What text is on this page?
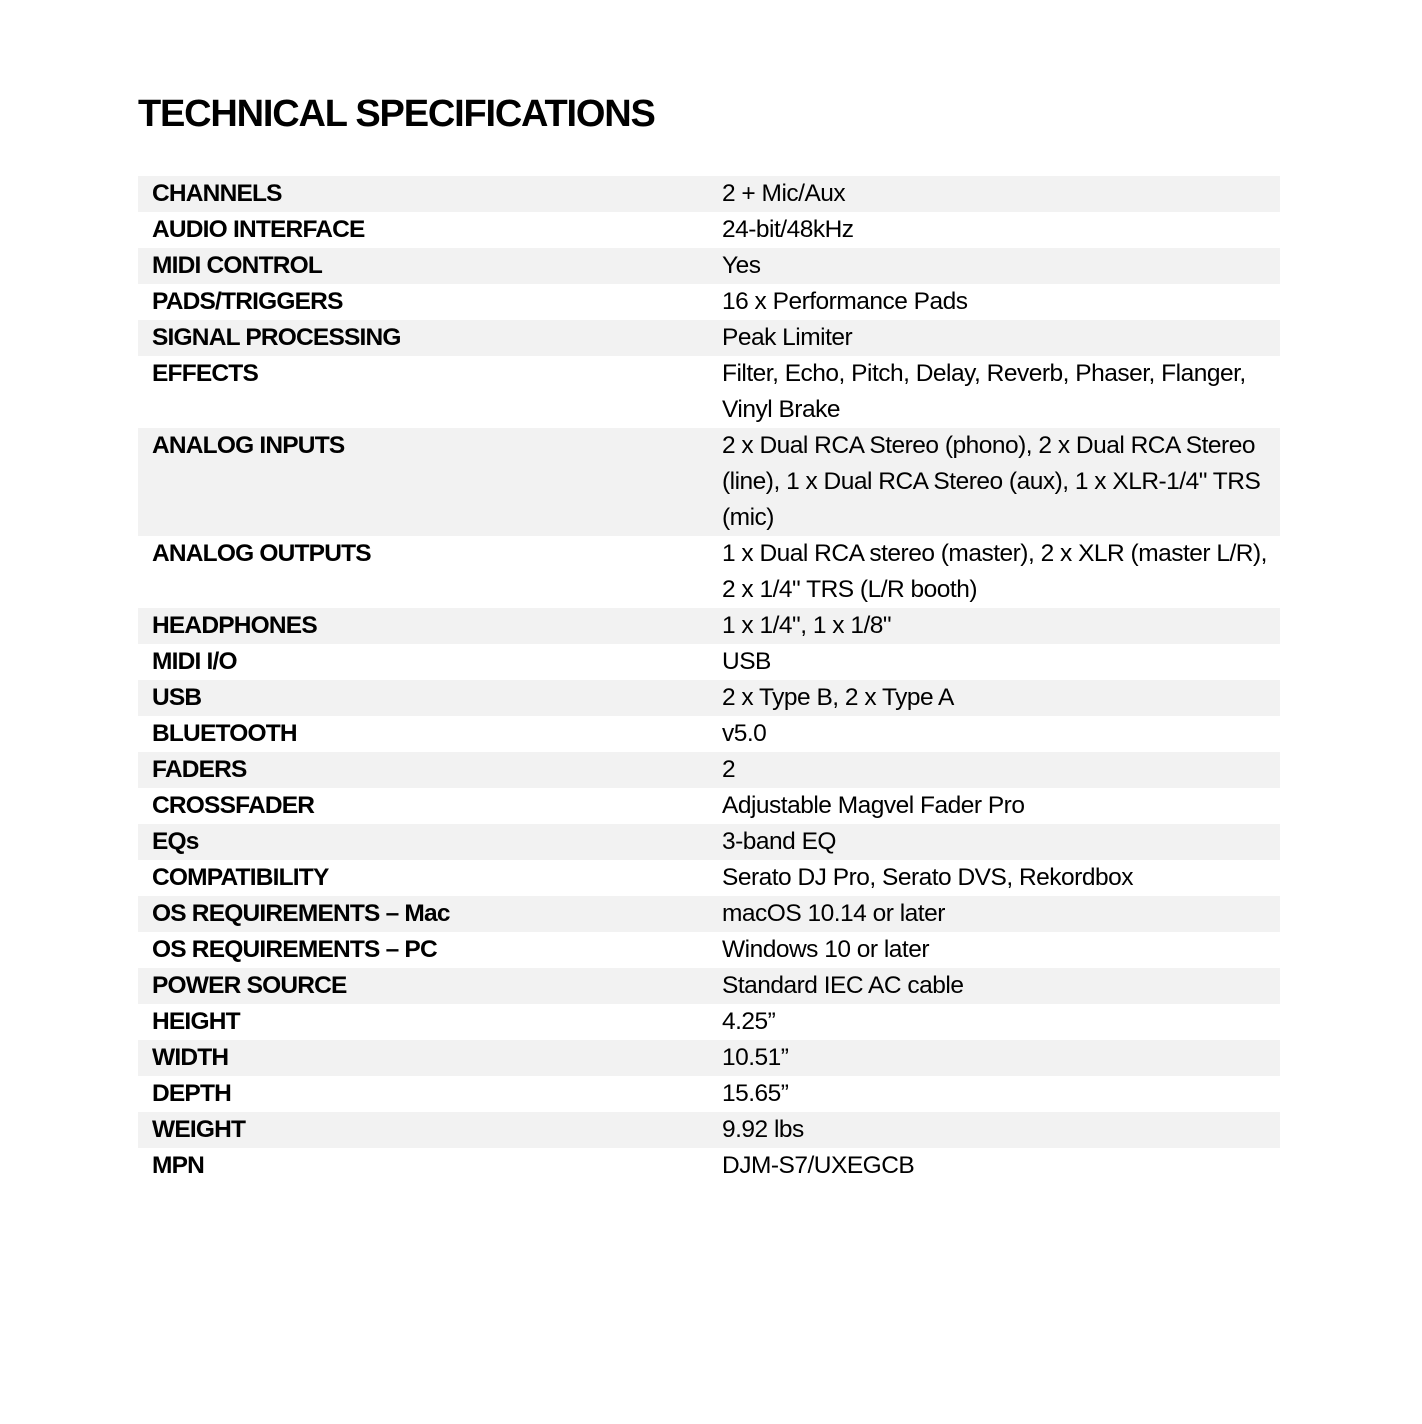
TECHNICAL SPECIFICATIONS
CHANNELS	2 + Mic/Aux
AUDIO INTERFACE	24-bit/48kHz
MIDI CONTROL	Yes
PADS/TRIGGERS	16 x Performance Pads
SIGNAL PROCESSING	Peak Limiter
EFFECTS	Filter, Echo, Pitch, Delay, Reverb, Phaser, Flanger, Vinyl Brake
ANALOG INPUTS	2 x Dual RCA Stereo (phono), 2 x Dual RCA Stereo (line), 1 x Dual RCA Stereo (aux), 1 x XLR-1/4" TRS (mic)
ANALOG OUTPUTS	1 x Dual RCA stereo (master), 2 x XLR (master L/R), 2 x 1/4" TRS (L/R booth)
HEADPHONES	1 x 1/4", 1 x 1/8"
MIDI I/O	USB
USB	2 x Type B, 2 x Type A
BLUETOOTH	v5.0
FADERS	2
CROSSFADER	Adjustable Magvel Fader Pro
EQs	3-band EQ
COMPATIBILITY	Serato DJ Pro, Serato DVS, Rekordbox
OS REQUIREMENTS – Mac	macOS 10.14 or later
OS REQUIREMENTS – PC	Windows 10 or later
POWER SOURCE	Standard IEC AC cable
HEIGHT	4.25”
WIDTH	10.51”
DEPTH	15.65”
WEIGHT	9.92 lbs
MPN	DJM-S7/UXEGCB
